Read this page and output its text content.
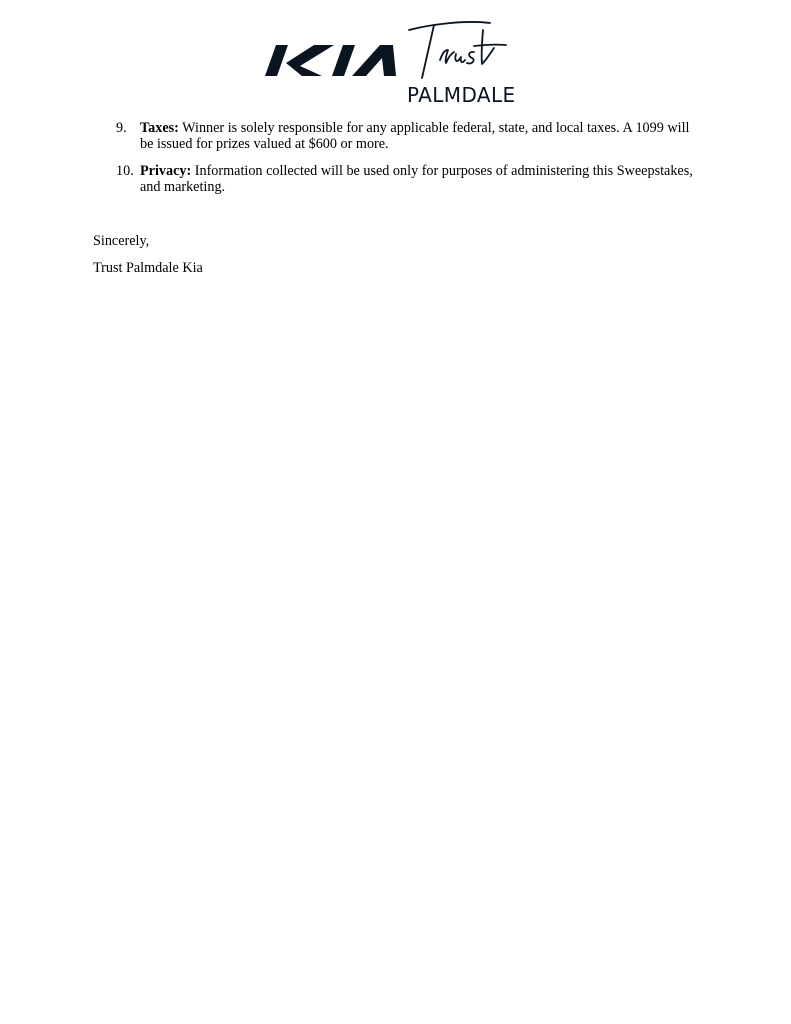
PALMDALE
9. Taxes: Winner is solely responsible for any applicable federal, state, and local taxes. A 1099 will be issued for prizes valued at $600 or more.
10. Privacy: Information collected will be used only for purposes of administering this Sweepstakes, and marketing.

Sincerely,

Trust Palmdale Kia
